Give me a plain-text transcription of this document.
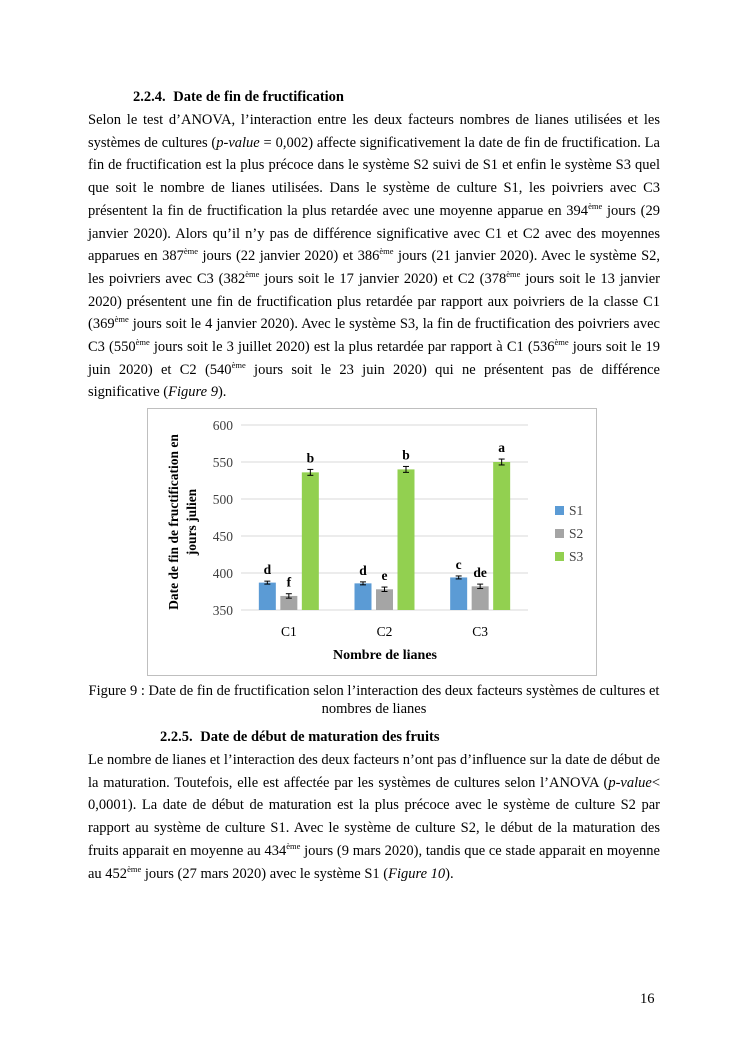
2.2.4. Date de fin de fructification

Selon le test d’ANOVA, l’interaction entre les deux facteurs nombres de lianes utilisées et les systèmes de cultures (p-value = 0,002) affecte significativement la date de fin de fructification. La fin de fructification est la plus précoce dans le système S2 suivi de S1 et enfin le système S3 quel que soit le nombre de lianes utilisées. Dans le système de culture S1, les poivriers avec C3 présentent la fin de fructification la plus retardée avec une moyenne apparue en 394ème jours (29 janvier 2020). Alors qu’il n’y pas de différence significative avec C1 et C2 avec des moyennes apparues en 387ème jours (22 janvier 2020) et 386ème jours (21 janvier 2020). Avec le système S2, les poivriers avec C3 (382ème jours soit le 17 janvier 2020) et C2 (378ème jours soit le 13 janvier 2020) présentent une fin de fructification plus retardée par rapport aux poivriers de la classe C1 (369ème jours soit le 4 janvier 2020). Avec le système S3, la fin de fructification des poivriers avec C3 (550ème jours soit le 3 juillet 2020) est la plus retardée par rapport à C1 (536ème jours soit le 19 juin 2020) et C2 (540ème jours soit le 23 juin 2020) qui ne présentent pas de différence significative (Figure 9).

350
400
450
500
550
600
d
f
b
d e
b
c
de
a
C1	C2	C3
Date de fin de fructification en jours julien
Nombre de lianes
S1
S2
S3

Figure 9 : Date de fin de fructification selon l’interaction des deux facteurs systèmes de cultures et nombres de lianes

2.2.5. Date de début de maturation des fruits

Le nombre de lianes et l’interaction des deux facteurs n’ont pas d’influence sur la date de début de la maturation. Toutefois, elle est affectée par les systèmes de cultures selon l’ANOVA (p-value< 0,0001). La date de début de maturation est la plus précoce avec le système de culture S2 par rapport au système de culture S1. Avec le système de culture S2, le début de la maturation des fruits apparait en moyenne au 434ème jours (9 mars 2020), tandis que ce stade apparait en moyenne au 452ème jours (27 mars 2020) avec le système S1 (Figure 10).

16
